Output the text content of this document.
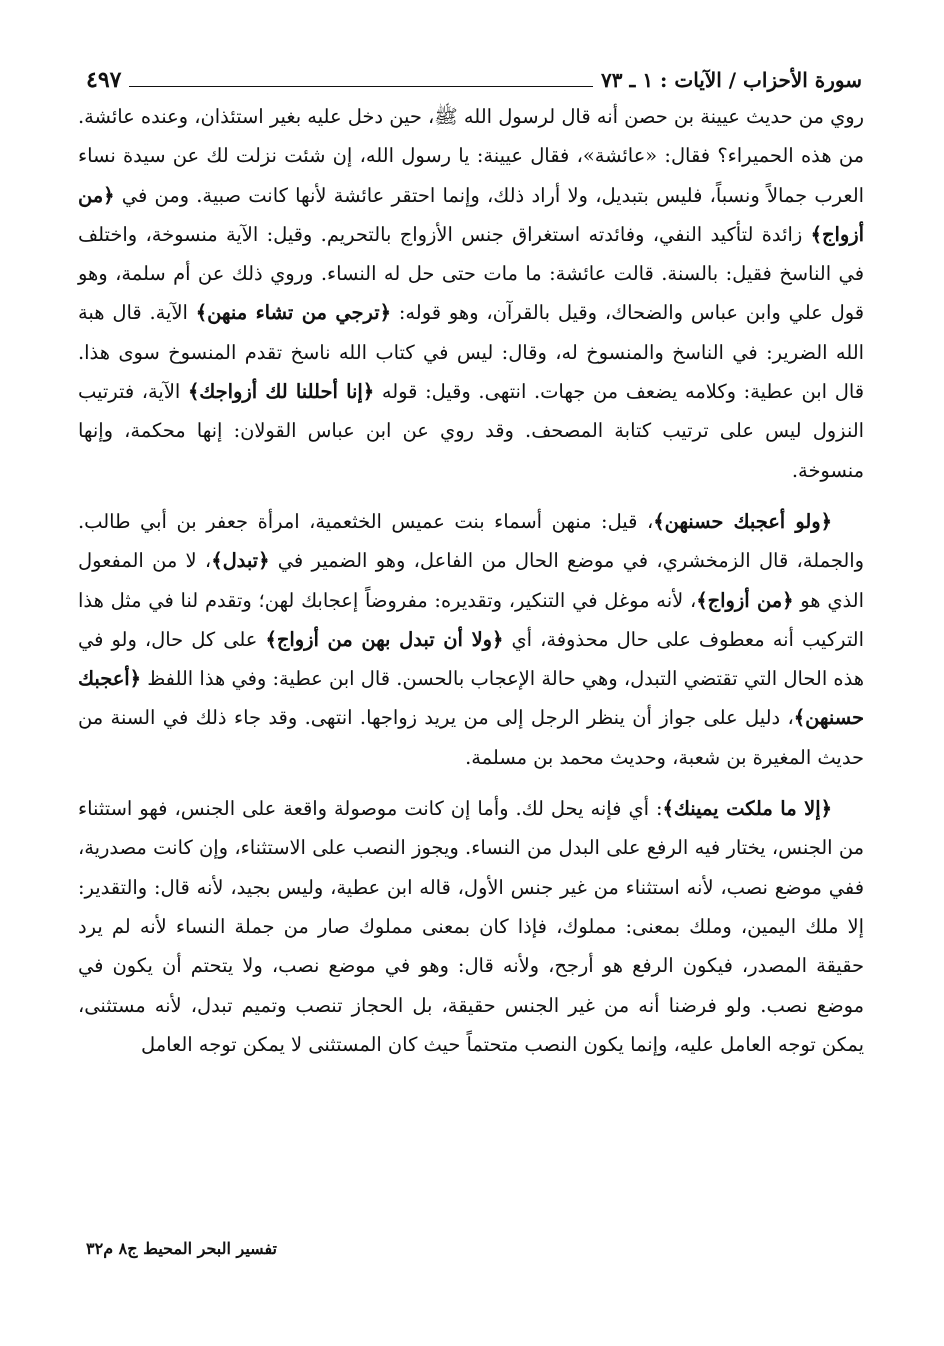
٤٩٧	سورة الأحزاب / الآيات : ١ ـ ٧٣

روي من حديث عيينة بن حصن أنه قال لرسول الله ﷺ، حين دخل عليه بغير استئذان، وعنده عائشة. من هذه الحميراء؟ فقال: «عائشة»، فقال عيينة: يا رسول الله، إن شئت نزلت لك عن سيدة نساء العرب جمالاً ونسباً، فليس بتبديل، ولا أراد ذلك، وإنما احتقر عائشة لأنها كانت صبية. ومن في ﴿من أزواج﴾ زائدة لتأكيد النفي، وفائدته استغراق جنس الأزواج بالتحريم. وقيل: الآية منسوخة، واختلف في الناسخ فقيل: بالسنة. قالت عائشة: ما مات حتى حل له النساء. وروي ذلك عن أم سلمة، وهو قول علي وابن عباس والضحاك، وقيل بالقرآن، وهو قوله: ﴿ترجي من تشاء منهن﴾ الآية. قال هبة الله الضرير: في الناسخ والمنسوخ له، وقال: ليس في كتاب الله ناسخ تقدم المنسوخ سوى هذا. قال ابن عطية: وكلامه يضعف من جهات. انتهى. وقيل: قوله ﴿إنا أحللنا لك أزواجك﴾ الآية، فترتيب النزول ليس على ترتيب كتابة المصحف. وقد روي عن ابن عباس القولان: إنها محكمة، وإنها منسوخة.

﴿ولو أعجبك حسنهن﴾، قيل: منهن أسماء بنت عميس الخثعمية، امرأة جعفر بن أبي طالب. والجملة، قال الزمخشري، في موضع الحال من الفاعل، وهو الضمير في ﴿تبدل﴾، لا من المفعول الذي هو ﴿من أزواج﴾، لأنه موغل في التنكير، وتقديره: مفروضاً إعجابك لهن؛ وتقدم لنا في مثل هذا التركيب أنه معطوف على حال محذوفة، أي ﴿ولا أن تبدل بهن من أزواج﴾ على كل حال، ولو في هذه الحال التي تقتضي التبدل، وهي حالة الإعجاب بالحسن. قال ابن عطية: وفي هذا اللفظ ﴿أعجبك حسنهن﴾، دليل على جواز أن ينظر الرجل إلى من يريد زواجها. انتهى. وقد جاء ذلك في السنة من حديث المغيرة بن شعبة، وحديث محمد بن مسلمة.

﴿إلا ما ملكت يمينك﴾: أي فإنه يحل لك. وأما إن كانت موصولة واقعة على الجنس، فهو استثناء من الجنس، يختار فيه الرفع على البدل من النساء. ويجوز النصب على الاستثناء، وإن كانت مصدرية، ففي موضع نصب، لأنه استثناء من غير جنس الأول، قاله ابن عطية، وليس بجيد، لأنه قال: والتقدير: إلا ملك اليمين، وملك بمعنى: مملوك، فإذا كان بمعنى مملوك صار من جملة النساء لأنه لم يرد حقيقة المصدر، فيكون الرفع هو أرجح، ولأنه قال: وهو في موضع نصب، ولا يتحتم أن يكون في موضع نصب. ولو فرضنا أنه من غير الجنس حقيقة، بل الحجاز تنصب وتميم تبدل، لأنه مستثنى، يمكن توجه العامل عليه، وإنما يكون النصب متحتماً حيث كان المستثنى لا يمكن توجه العامل

تفسير البحر المحيط ج٨ م٣٢
